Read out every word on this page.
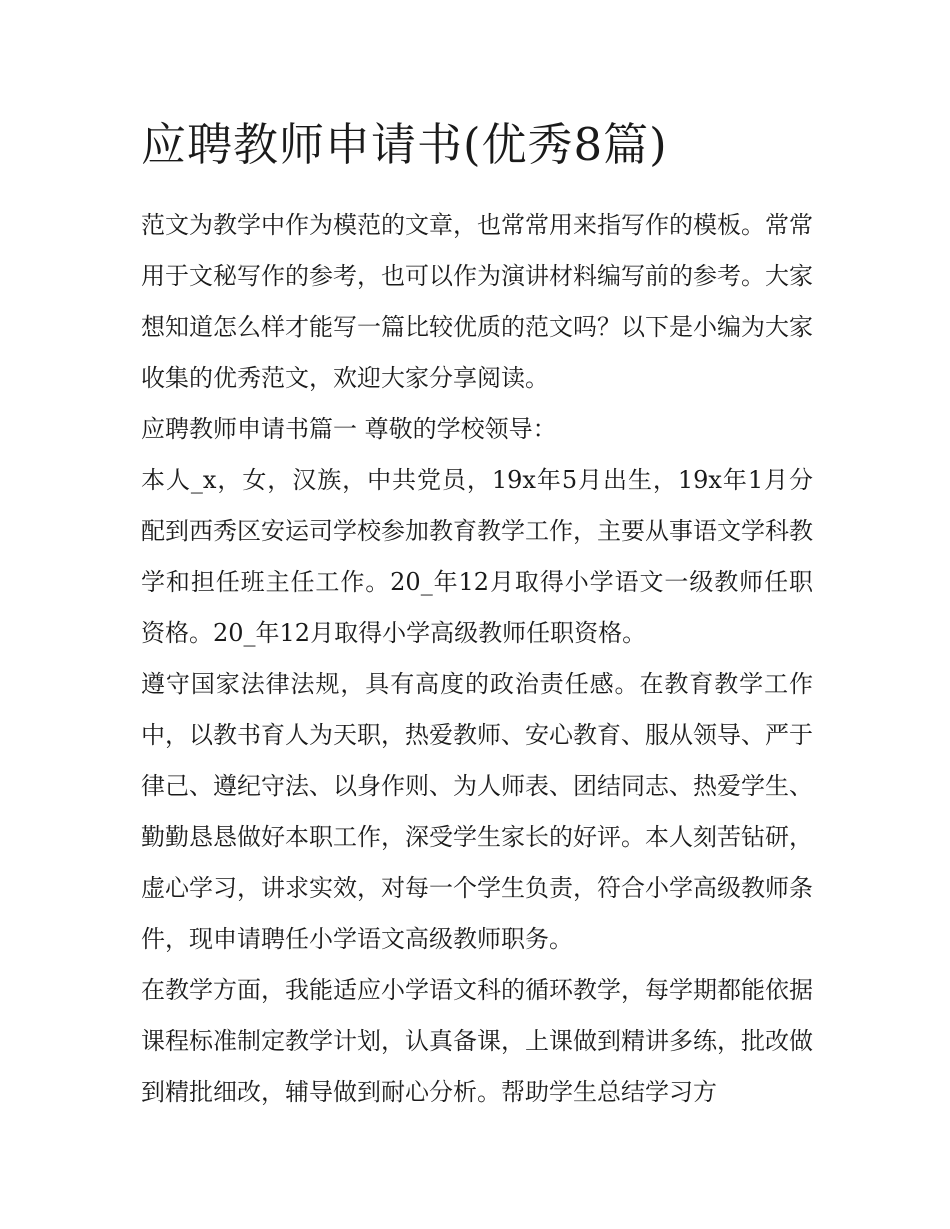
应聘教师申请书(优秀8篇)

范文为教学中作为模范的文章，也常常用来指写作的模板。常常用于文秘写作的参考，也可以作为演讲材料编写前的参考。大家想知道怎么样才能写一篇比较优质的范文吗？以下是小编为大家收集的优秀范文，欢迎大家分享阅读。

应聘教师申请书篇一 尊敬的学校领导：

本人_x，女，汉族，中共党员，19x年5月出生，19x年1月分配到西秀区安运司学校参加教育教学工作，主要从事语文学科教学和担任班主任工作。20_年12月取得小学语文一级教师任职资格。20_年12月取得小学高级教师任职资格。

遵守国家法律法规，具有高度的政治责任感。在教育教学工作中，以教书育人为天职，热爱教师、安心教育、服从领导、严于律己、遵纪守法、以身作则、为人师表、团结同志、热爱学生、勤勤恳恳做好本职工作，深受学生家长的好评。本人刻苦钻研，虚心学习，讲求实效，对每一个学生负责，符合小学高级教师条件，现申请聘任小学语文高级教师职务。

在教学方面，我能适应小学语文科的循环教学，每学期都能依据课程标准制定教学计划，认真备课，上课做到精讲多练，批改做到精批细改，辅导做到耐心分析。帮助学生总结学习方
